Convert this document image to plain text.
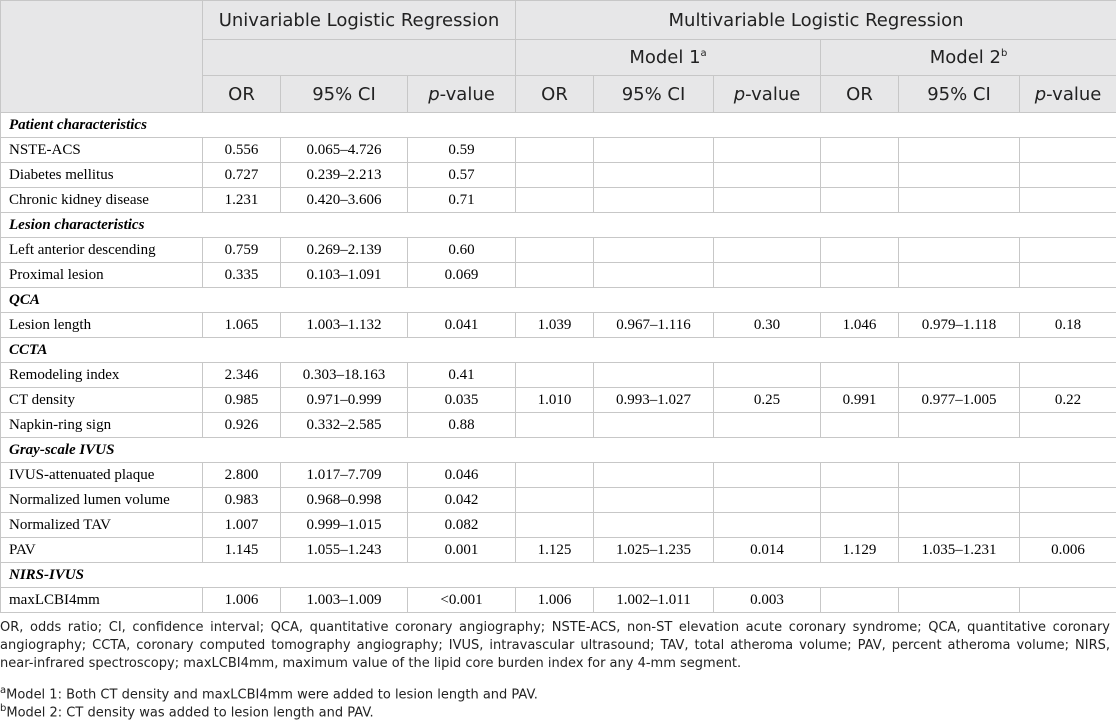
	Univariable Logistic Regression			Multivariable Logistic Regression					
				Model 1$^a$			Model 2$^b$
	OR	95% CI	p-value	OR	95% CI	p-value	OR	95% CI	p-value
Patient characteristics									
NSTE-ACS	0.556	0.065–4.726	0.59						
Diabetes mellitus	0.727	0.239–2.213	0.57						
Chronic kidney disease	1.231	0.420–3.606	0.71						
Lesion characteristics									
Left anterior descending	0.759	0.269–2.139	0.60						
Proximal lesion	0.335	0.103–1.091	0.069						
QCA									
Lesion length	1.065	1.003–1.132	0.041	1.039	0.967–1.116	0.30	1.046	0.979–1.118	0.18
CCTA									
Remodeling index	2.346	0.303–18.163	0.41						
CT density	0.985	0.971–0.999	0.035	1.010	0.993–1.027	0.25	0.991	0.977–1.005	0.22
Napkin-ring sign	0.926	0.332–2.585	0.88						
Gray-scale IVUS									
IVUS-attenuated plaque	2.800	1.017–7.709	0.046						
Normalized lumen volume	0.983	0.968–0.998	0.042						
Normalized TAV	1.007	0.999–1.015	0.082						
PAV	1.145	1.055–1.243	0.001	1.125	1.025–1.235	0.014	1.129	1.035–1.231	0.006
NIRS-IVUS									
maxLCBI4mm	1.006	1.003–1.009	<0.001	1.006	1.002–1.011	0.003			
OR, odds ratio; CI, confidence interval; QCA, quantitative coronary angiography; NSTE-ACS, non-ST elevation acute coronary syndrome; QCA, quantitative coronary angiography; CCTA, coronary computed tomography angiography; IVUS, intravascular ultrasound; TAV, total atheroma volume; PAV, percent atheroma volume; NIRS, near-infrared spectroscopy; maxLCBI4mm, maximum value of the lipid core burden index for any 4-mm segment.
$^a$Model 1: Both CT density and maxLCBI4mm were added to lesion length and PAV.
$^b$Model 2: CT density was added to lesion length and PAV.
